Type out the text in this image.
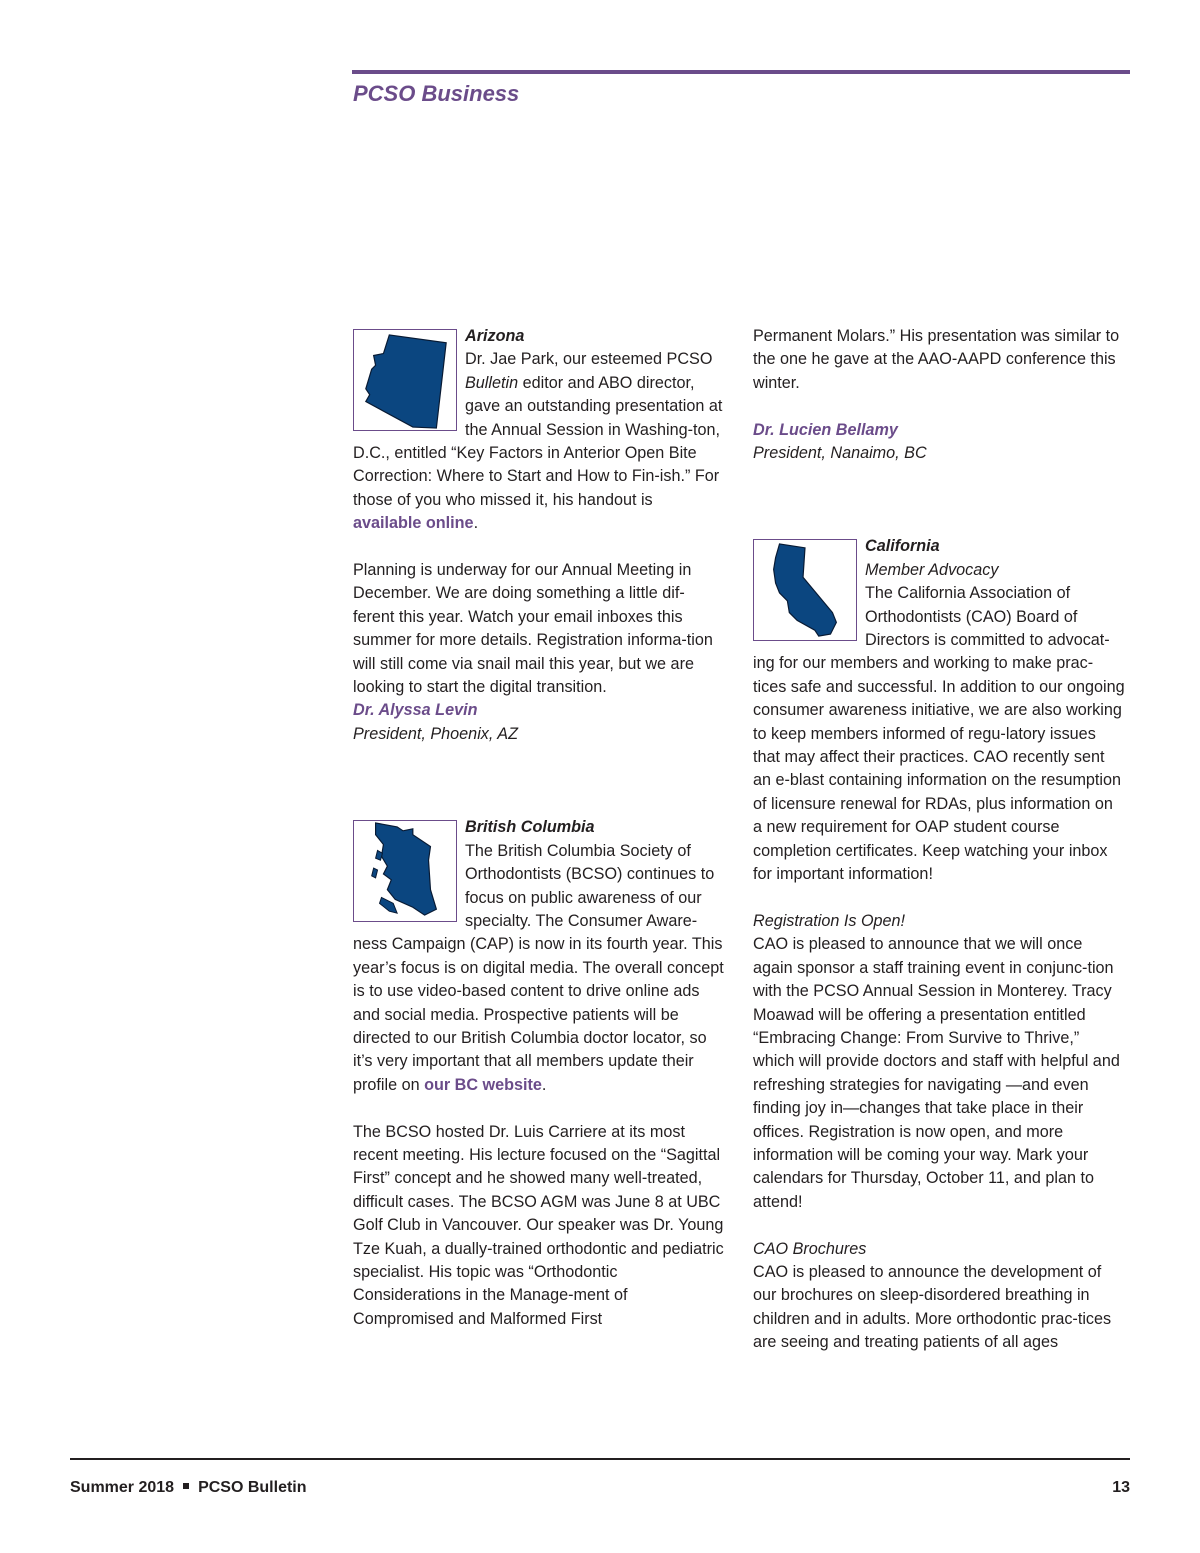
PCSO Business

Arizona
Dr. Jae Park, our esteemed PCSO Bulletin editor and ABO director, gave an outstanding presentation at the Annual Session in Washing-ton, D.C., entitled “Key Factors in Anterior Open Bite Correction: Where to Start and How to Fin-ish.” For those of you who missed it, his handout is available online.

Planning is underway for our Annual Meeting in December. We are doing something a little dif-ferent this year. Watch your email inboxes this summer for more details. Registration informa-tion will still come via snail mail this year, but we are looking to start the digital transition.

Dr. Alyssa Levin
President, Phoenix, AZ

British Columbia
The British Columbia Society of Orthodontists (BCSO) continues to focus on public awareness of our specialty. The Consumer Aware-ness Campaign (CAP) is now in its fourth year. This year’s focus is on digital media. The overall concept is to use video-based content to drive online ads and social media. Prospective patients will be directed to our British Columbia doctor locator, so it’s very important that all members update their profile on our BC website.

The BCSO hosted Dr. Luis Carriere at its most recent meeting. His lecture focused on the “Sagittal First” concept and he showed many well-treated, difficult cases. The BCSO AGM was June 8 at UBC Golf Club in Vancouver. Our speaker was Dr. Young Tze Kuah, a dually-trained orthodontic and pediatric specialist. His topic was “Orthodontic Considerations in the Manage-ment of Compromised and Malformed First

Permanent Molars.” His presentation was similar to the one he gave at the AAO-AAPD conference this winter.

Dr. Lucien Bellamy
President, Nanaimo, BC

California
Member Advocacy
The California Association of Orthodontists (CAO) Board of Directors is committed to advocat-ing for our members and working to make prac-tices safe and successful. In addition to our ongoing consumer awareness initiative, we are also working to keep members informed of regu-latory issues that may affect their practices. CAO recently sent an e-blast containing information on the resumption of licensure renewal for RDAs, plus information on a new requirement for OAP student course completion certificates. Keep watching your inbox for important information!

Registration Is Open!
CAO is pleased to announce that we will once again sponsor a staff training event in conjunc-tion with the PCSO Annual Session in Monterey. Tracy Moawad will be offering a presentation entitled “Embracing Change: From Survive to Thrive,” which will provide doctors and staff with helpful and refreshing strategies for navigating —and even finding joy in—changes that take place in their offices. Registration is now open, and more information will be coming your way. Mark your calendars for Thursday, October 11, and plan to attend!

CAO Brochures
CAO is pleased to announce the development of our brochures on sleep-disordered breathing in children and in adults. More orthodontic prac-tices are seeing and treating patients of all ages

Summer 2018 PCSO Bulletin	13
